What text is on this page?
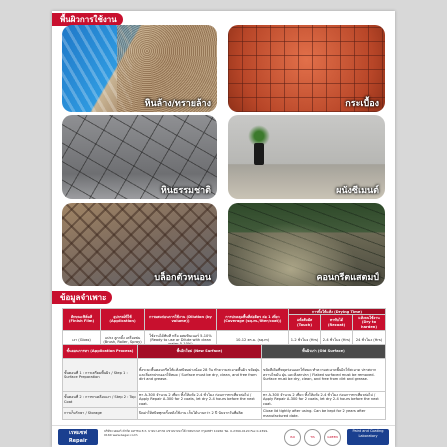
พื้นผิวการใช้งาน
หินล้าง/ทรายล้าง	กระเบื้อง
หินธรรมชาติ	ผนังซีเมนต์
บล็อกตัวหนอน	คอนกรีตแสตมป์
ข้อมูลจำเพาะ
ลักษณะฟิล์มสี (Finish Film)	อุปกรณ์ที่ใช้ (Application)	การผสมก่อนการใช้งาน (Dilution (by volume))	การปกคลุมพื้นที่ต่อลิตร ต่อ 1 เที่ยว (Coverage (sq.m./liter/coat))	การทิ้งให้แห้ง (Drying Time)		
				แห้งสัมผัส (Touch)	ทาทับได้ (Recoat)	แห้งจนใช้งาน (Dry to harden)
เงา (Gloss)	แปรง ลูกกลิ้ง เครื่องพ่น (Brush, Roller, Spray)	ใช้งานได้ทันที หรือ ผสมทินเนอร์ 5-10% (Ready to use or Dilute with clean	10-12 ตร.ม. (sq.m)	1-2 ชั่วโมง (Hrs)	2-4 ชั่วโมง (Hrs)	24 ชั่วโมง (Hrs)
ขั้นตอนการทา (Application Process)	พื้นผิวใหม่ (New Surface)	พื้นผิวเก่า (Old Surface)
ขั้นตอนที่ 1 : การเตรียมพื้นผิว / Step 1 : Surface Preparation	ทิ้งระยะพื้นคอนกรีตให้แห้งสนิทอย่างน้อย 28 วัน ทำความสะอาดพื้นผิว ขจัดฝุ่นและสิ่งสกปรกออกให้หมด / Surface must be dry, clean, and free from dirt and grease.	ขจัดสีเดิมที่หลุดร่อนออกให้หมด ทำความสะอาดพื้นผิวให้สะอาด ปราศจากคราบไขมัน ฝุ่น และสิ่งสกปรก / Flaked surfaced must be removed. Surface must be dry, clean, and free from dirt and grease.
ขั้นตอนที่ 2 : การทาเคลือบเงา / Step 2 : Top Coat	ทา A-300 จำนวน 2 เที่ยว ทิ้งให้แห้ง 2-4 ชั่วโมง ก่อนการทาเที่ยวต่อไป / Apply Repair A-300 for 2 coats, let dry 2-4 hours before the next coat.	ทา A-300 จำนวน 2 เที่ยว ทิ้งให้แห้ง 2-4 ชั่วโมง ก่อนการทาเที่ยวต่อไป / Apply Repair A-300 for 2 coats, let dry 2-4 hours before the next coat.
การเก็บรักษา / Storage	ปิดฝาให้สนิททุกครั้งหลังใช้งาน เก็บได้นานกว่า 2 ปี นับจากวันที่ผลิต	Close lid tightly after using. Can be kept for 2 years after manufactured date.
เรพแซฟ
Repair
บริษัท เบเยอร์ คำกัด มหาชน 8 ถ. บางนา-ตราด แขวงบางนาใต้ เขตบางนา กรุงเทพฯ 10260 Tel. 0-2399-0120 Fax 0-2399-0160 www.beger.co.th	ISO	TIS	GREEN
Paint and Coating
Laboratory
